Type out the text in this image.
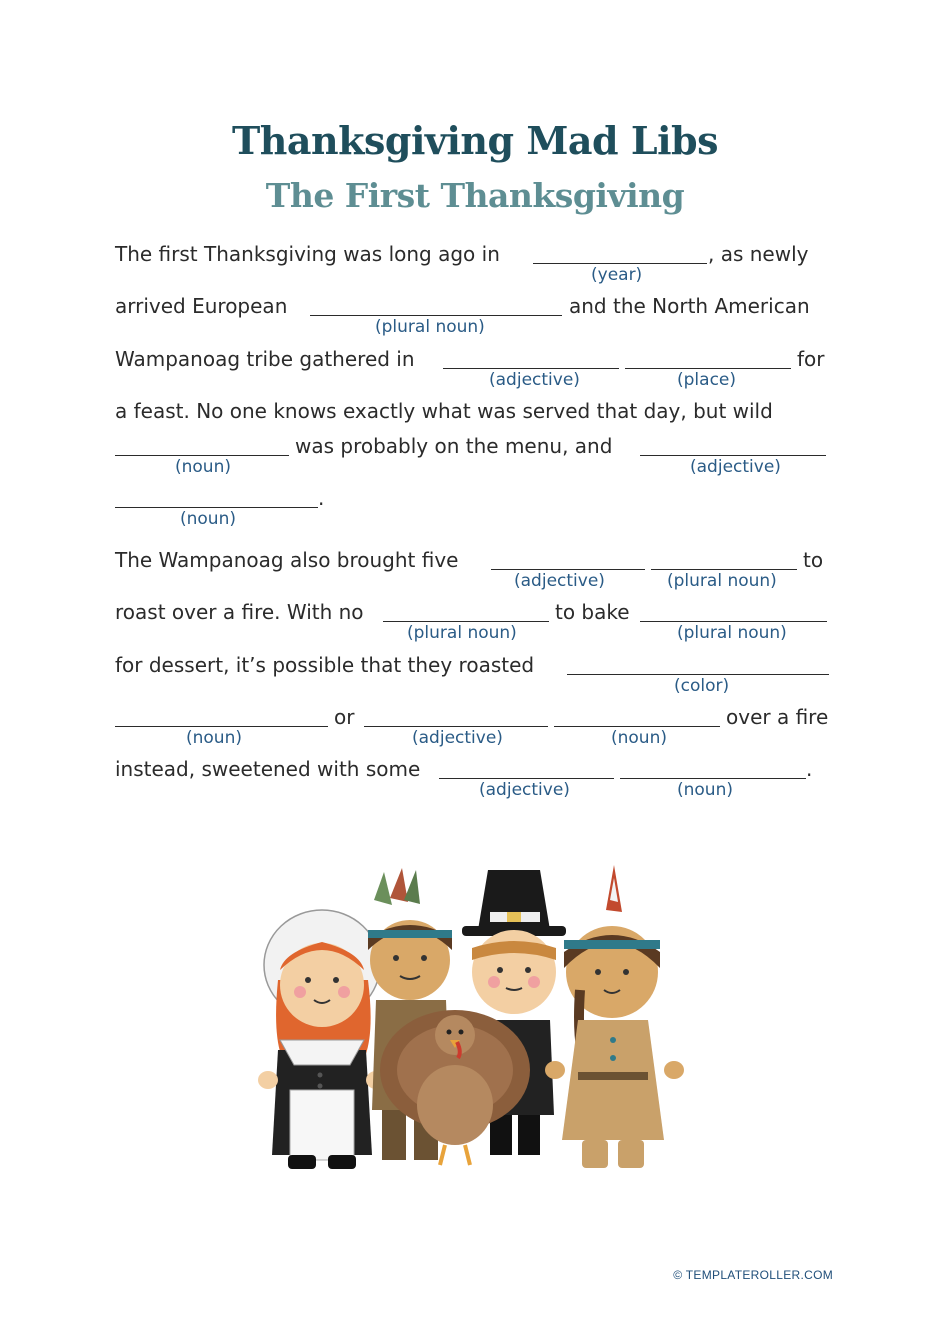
Thanksgiving Mad Libs
The First Thanksgiving
The first Thanksgiving was long ago in	, as newly
(year)
arrived European	and the North American
(plural noun)
Wampanoag tribe gathered in	for
(adjective)	(place)
a feast. No one knows exactly what was served that day, but wild
was probably on the menu, and
(noun)	(adjective)
.
(noun)
The Wampanoag also brought five	to
(adjective)	(plural noun)
roast over a fire. With no	to bake
(plural noun)	(plural noun)
for dessert, it’s possible that they roasted
(color)
or	over a fire
(noun)	(adjective)	(noun)
instead, sweetened with some	.
(adjective)	(noun)
© TEMPLATEROLLER.COM
